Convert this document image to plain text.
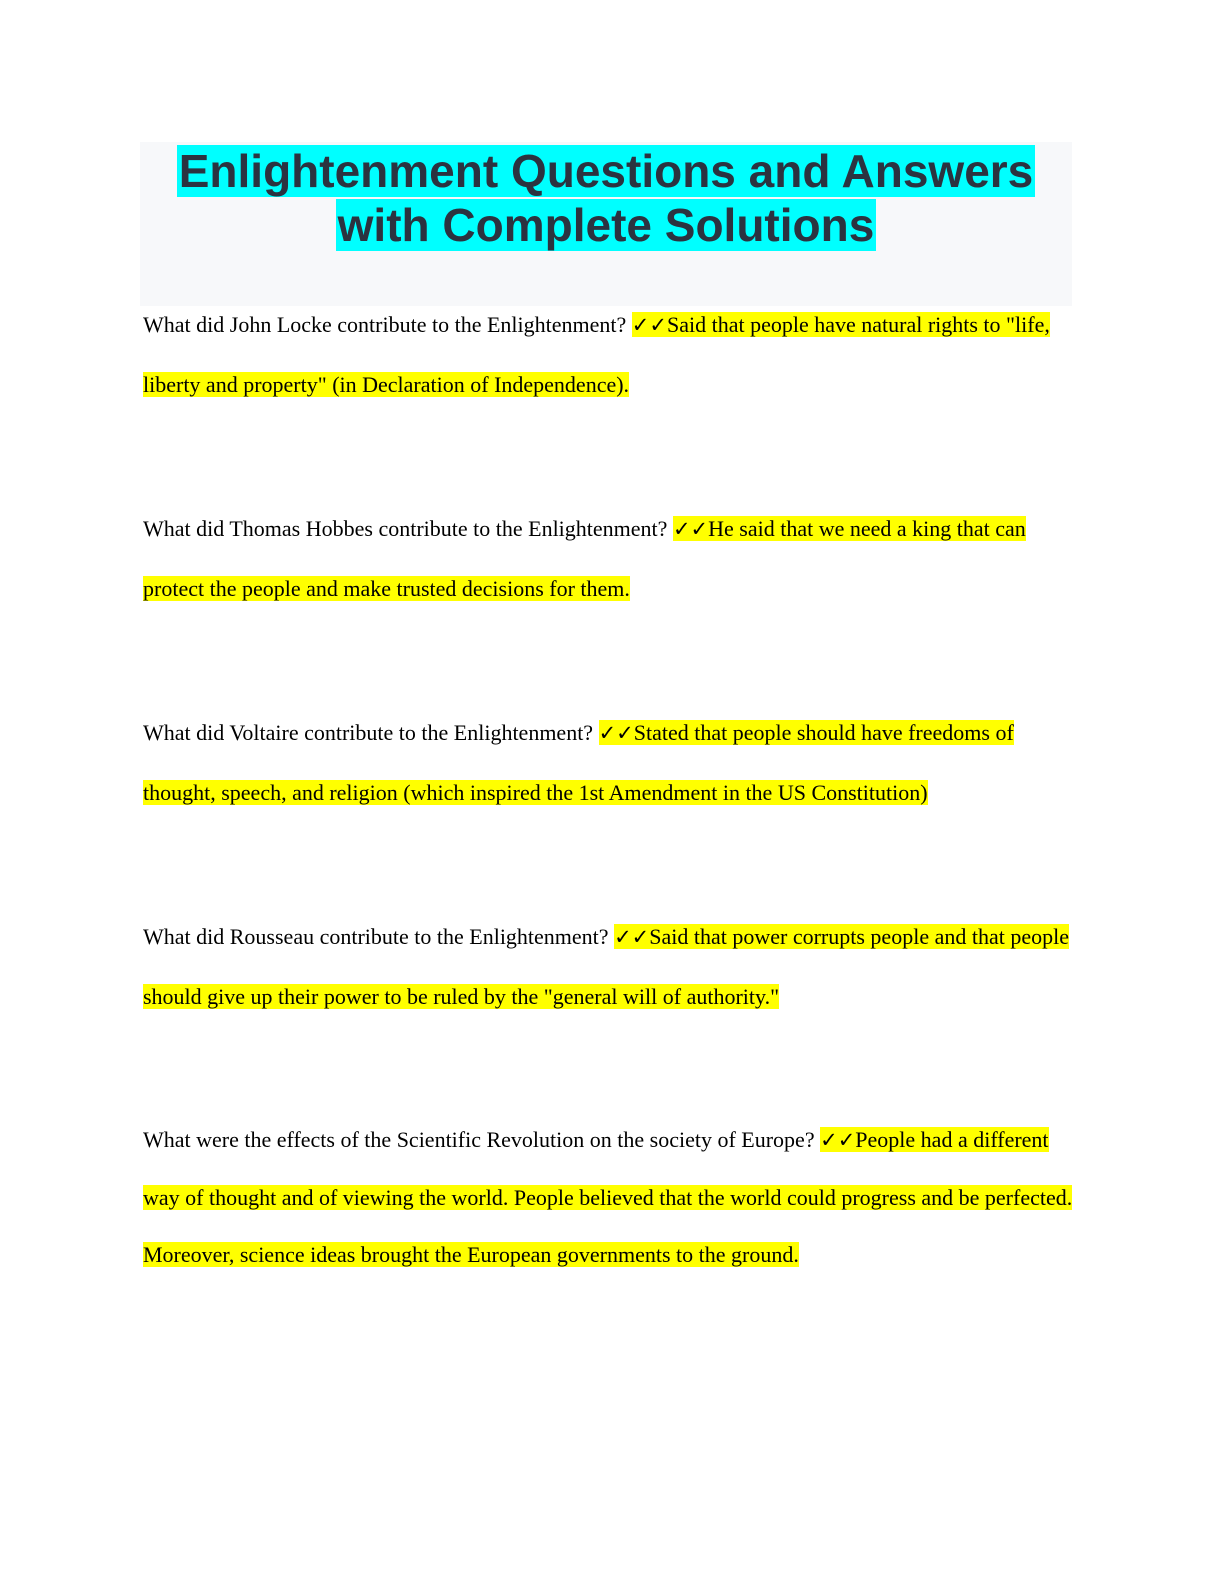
Enlightenment Questions and Answers
with Complete Solutions

What did John Locke contribute to the Enlightenment? ✓✓Said that people have natural rights to "life, liberty and property" (in Declaration of Independence).

What did Thomas Hobbes contribute to the Enlightenment? ✓✓He said that we need a king that can protect the people and make trusted decisions for them.

What did Voltaire contribute to the Enlightenment? ✓✓Stated that people should have freedoms of thought, speech, and religion (which inspired the 1st Amendment in the US Constitution)

What did Rousseau contribute to the Enlightenment? ✓✓Said that power corrupts people and that people should give up their power to be ruled by the "general will of authority."

What were the effects of the Scientific Revolution on the society of Europe? ✓✓People had a different way of thought and of viewing the world. People believed that the world could progress and be perfected. Moreover, science ideas brought the European governments to the ground.
